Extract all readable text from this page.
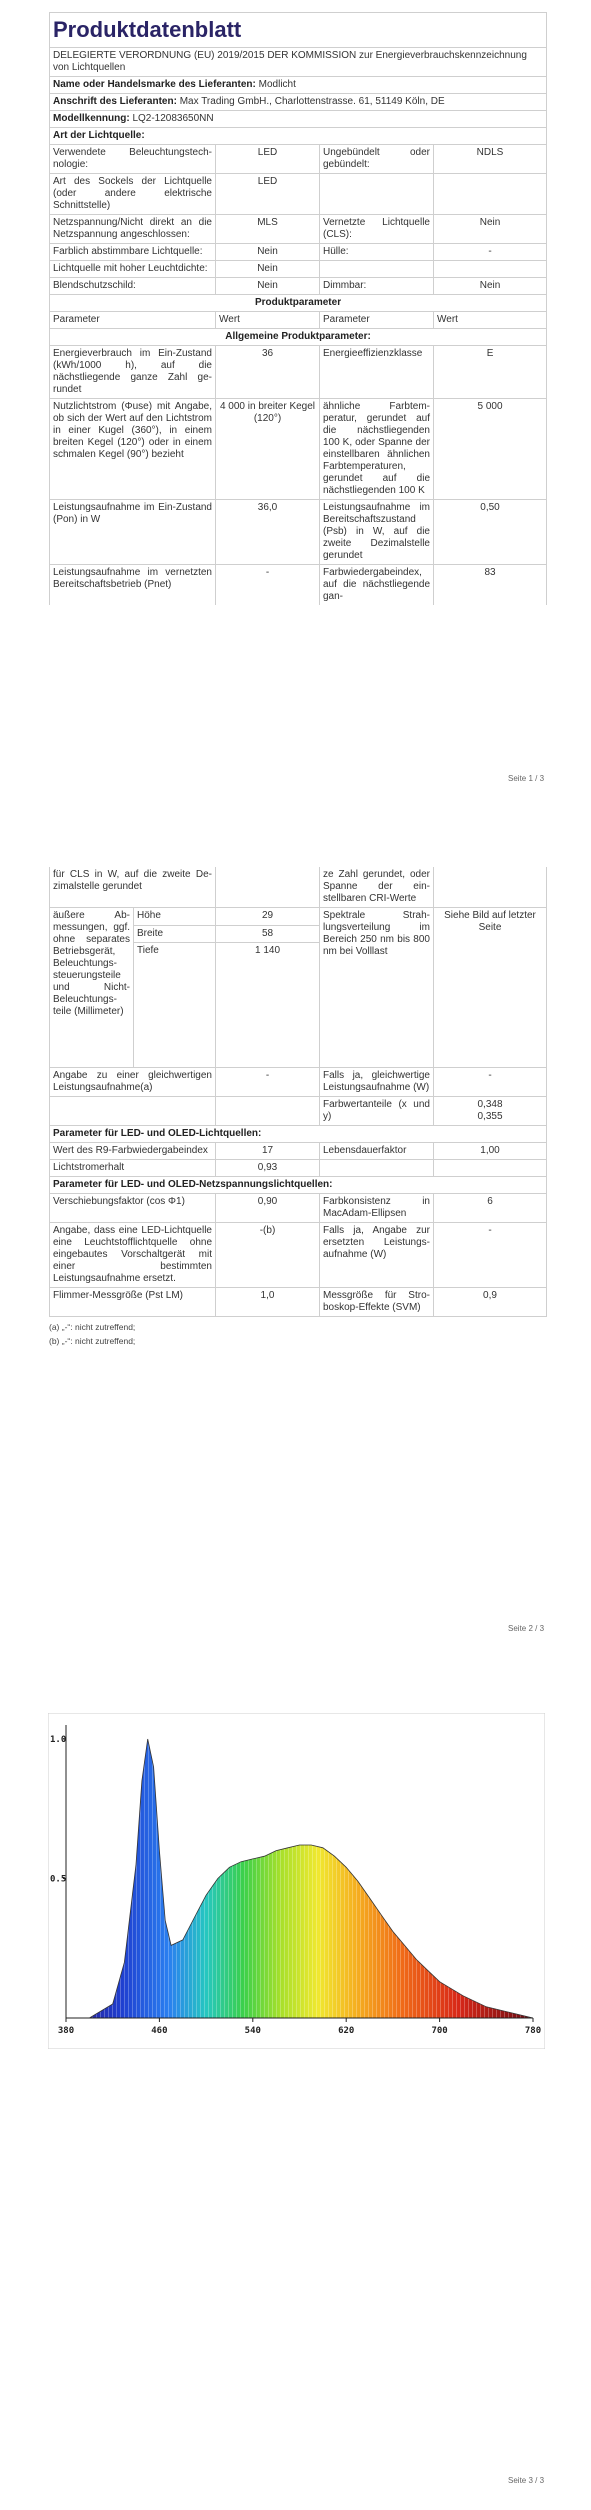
Produktdatenblatt			
DELEGIERTE VERORDNUNG (EU) 2019/2015 DER KOMMISSION zur Energieverbrauchskennzeichnung von Lichtquellen			
Name oder Handelsmarke des Lieferanten: Modlicht			
Anschrift des Lieferanten: Max Trading GmbH., Charlottenstrasse. 61, 51149 Köln, DE			
Modellkennung: LQ2-12083650NN			
Art der Lichtquelle:			
Verwendete Beleuchtungstechnologie:	LED	Ungebündelt oder gebündelt:	NDLS
Art des Sockels der Lichtquelle (oder andere elektrische Schnittstelle)	LED		
Netzspannung/Nicht direkt an die Netzspannung angeschlossen:	MLS	Vernetzte Lichtquelle (CLS):	Nein
Farblich abstimmbare Lichtquelle:	Nein	Hülle:	-
Lichtquelle mit hoher Leuchtdichte:	Nein		
Blendschutzschild:	Nein	Dimmbar:	Nein
Produktparameter			
Parameter	Wert	Parameter	Wert
Allgemeine Produktparameter:			
Energieverbrauch im Ein-Zustand (kWh/1000 h), auf die nächstliegende ganze Zahl gerundet	36	Energieeffizienzklasse	E
Nutzlichtstrom (Φuse) mit Angabe, ob sich der Wert auf den Lichtstrom in einer Kugel (360°), in einem breiten Kegel (120°) oder in einem schmalen Kegel (90°) bezieht	4 000 in breiter Kegel (120°)	ähnliche Farbtemperatur, gerundet auf die nächstliegenden 100 K, oder Spanne der einstellbaren ähnlichen Farbtemperaturen, gerundet auf die nächstliegenden 100 K	5 000
Leistungsaufnahme im Ein-Zustand (Pon) in W	36,0	Leistungsaufnahme im Bereitschaftszustand (Psb) in W, auf die zweite Dezimalstelle gerundet	0,50
Leistungsaufnahme im vernetzten Bereitschaftsbetrieb (Pnet)	-	Farbwiedergabeindex, auf die nächstliegende gan-	83
Seite 1 / 3
für CLS in W, auf die zweite Dezimalstelle gerundet			ze Zahl gerundet, oder Spanne der einstellbaren CRI-Werte	
äußere Abmessungen, ggf. ohne separates Betriebsgerät, Beleuchtungssteuerungsteile und Nicht-Beleuchtungsteile (Millimeter)	Höhe	29	Spektrale Strahlungsverteilung im Bereich 250 nm bis 800 nm bei Volllast	Siehe Bild auf letzter Seite
	Breite	58		
	Tiefe	1 140		
Angabe zu einer gleichwertigen Leistungsaufnahme(a)		-	Falls ja, gleichwertige Leistungsaufnahme (W)	-
			Farbwertanteile (x und y)	0,348
0,355
Parameter für LED- und OLED-Lichtquellen:				
Wert des R9-Farbwiedergabeindex		17	Lebensdauerfaktor	1,00
Lichtstromerhalt		0,93		
Parameter für LED- und OLED-Netzspannungslichtquellen:				
Verschiebungsfaktor (cos Φ1)		0,90	Farbkonsistenz in MacAdam-Ellipsen	6
Angabe, dass eine LED-Lichtquelle eine Leuchtstofflichtquelle ohne eingebautes Vorschaltgerät mit einer bestimmten Leistungsaufnahme ersetzt.		-(b)	Falls ja, Angabe zur ersetzten Leistungsaufnahme (W)	-
Flimmer-Messgröße (Pst LM)		1,0	Messgröße für Stroboskop-Effekte (SVM)	0,9
(a) „-“: nicht zutreffend;
(b) „-“: nicht zutreffend;
Seite 2 / 3
Seite 3 / 3
380	460	540	620	700	780
0.5
1.0
